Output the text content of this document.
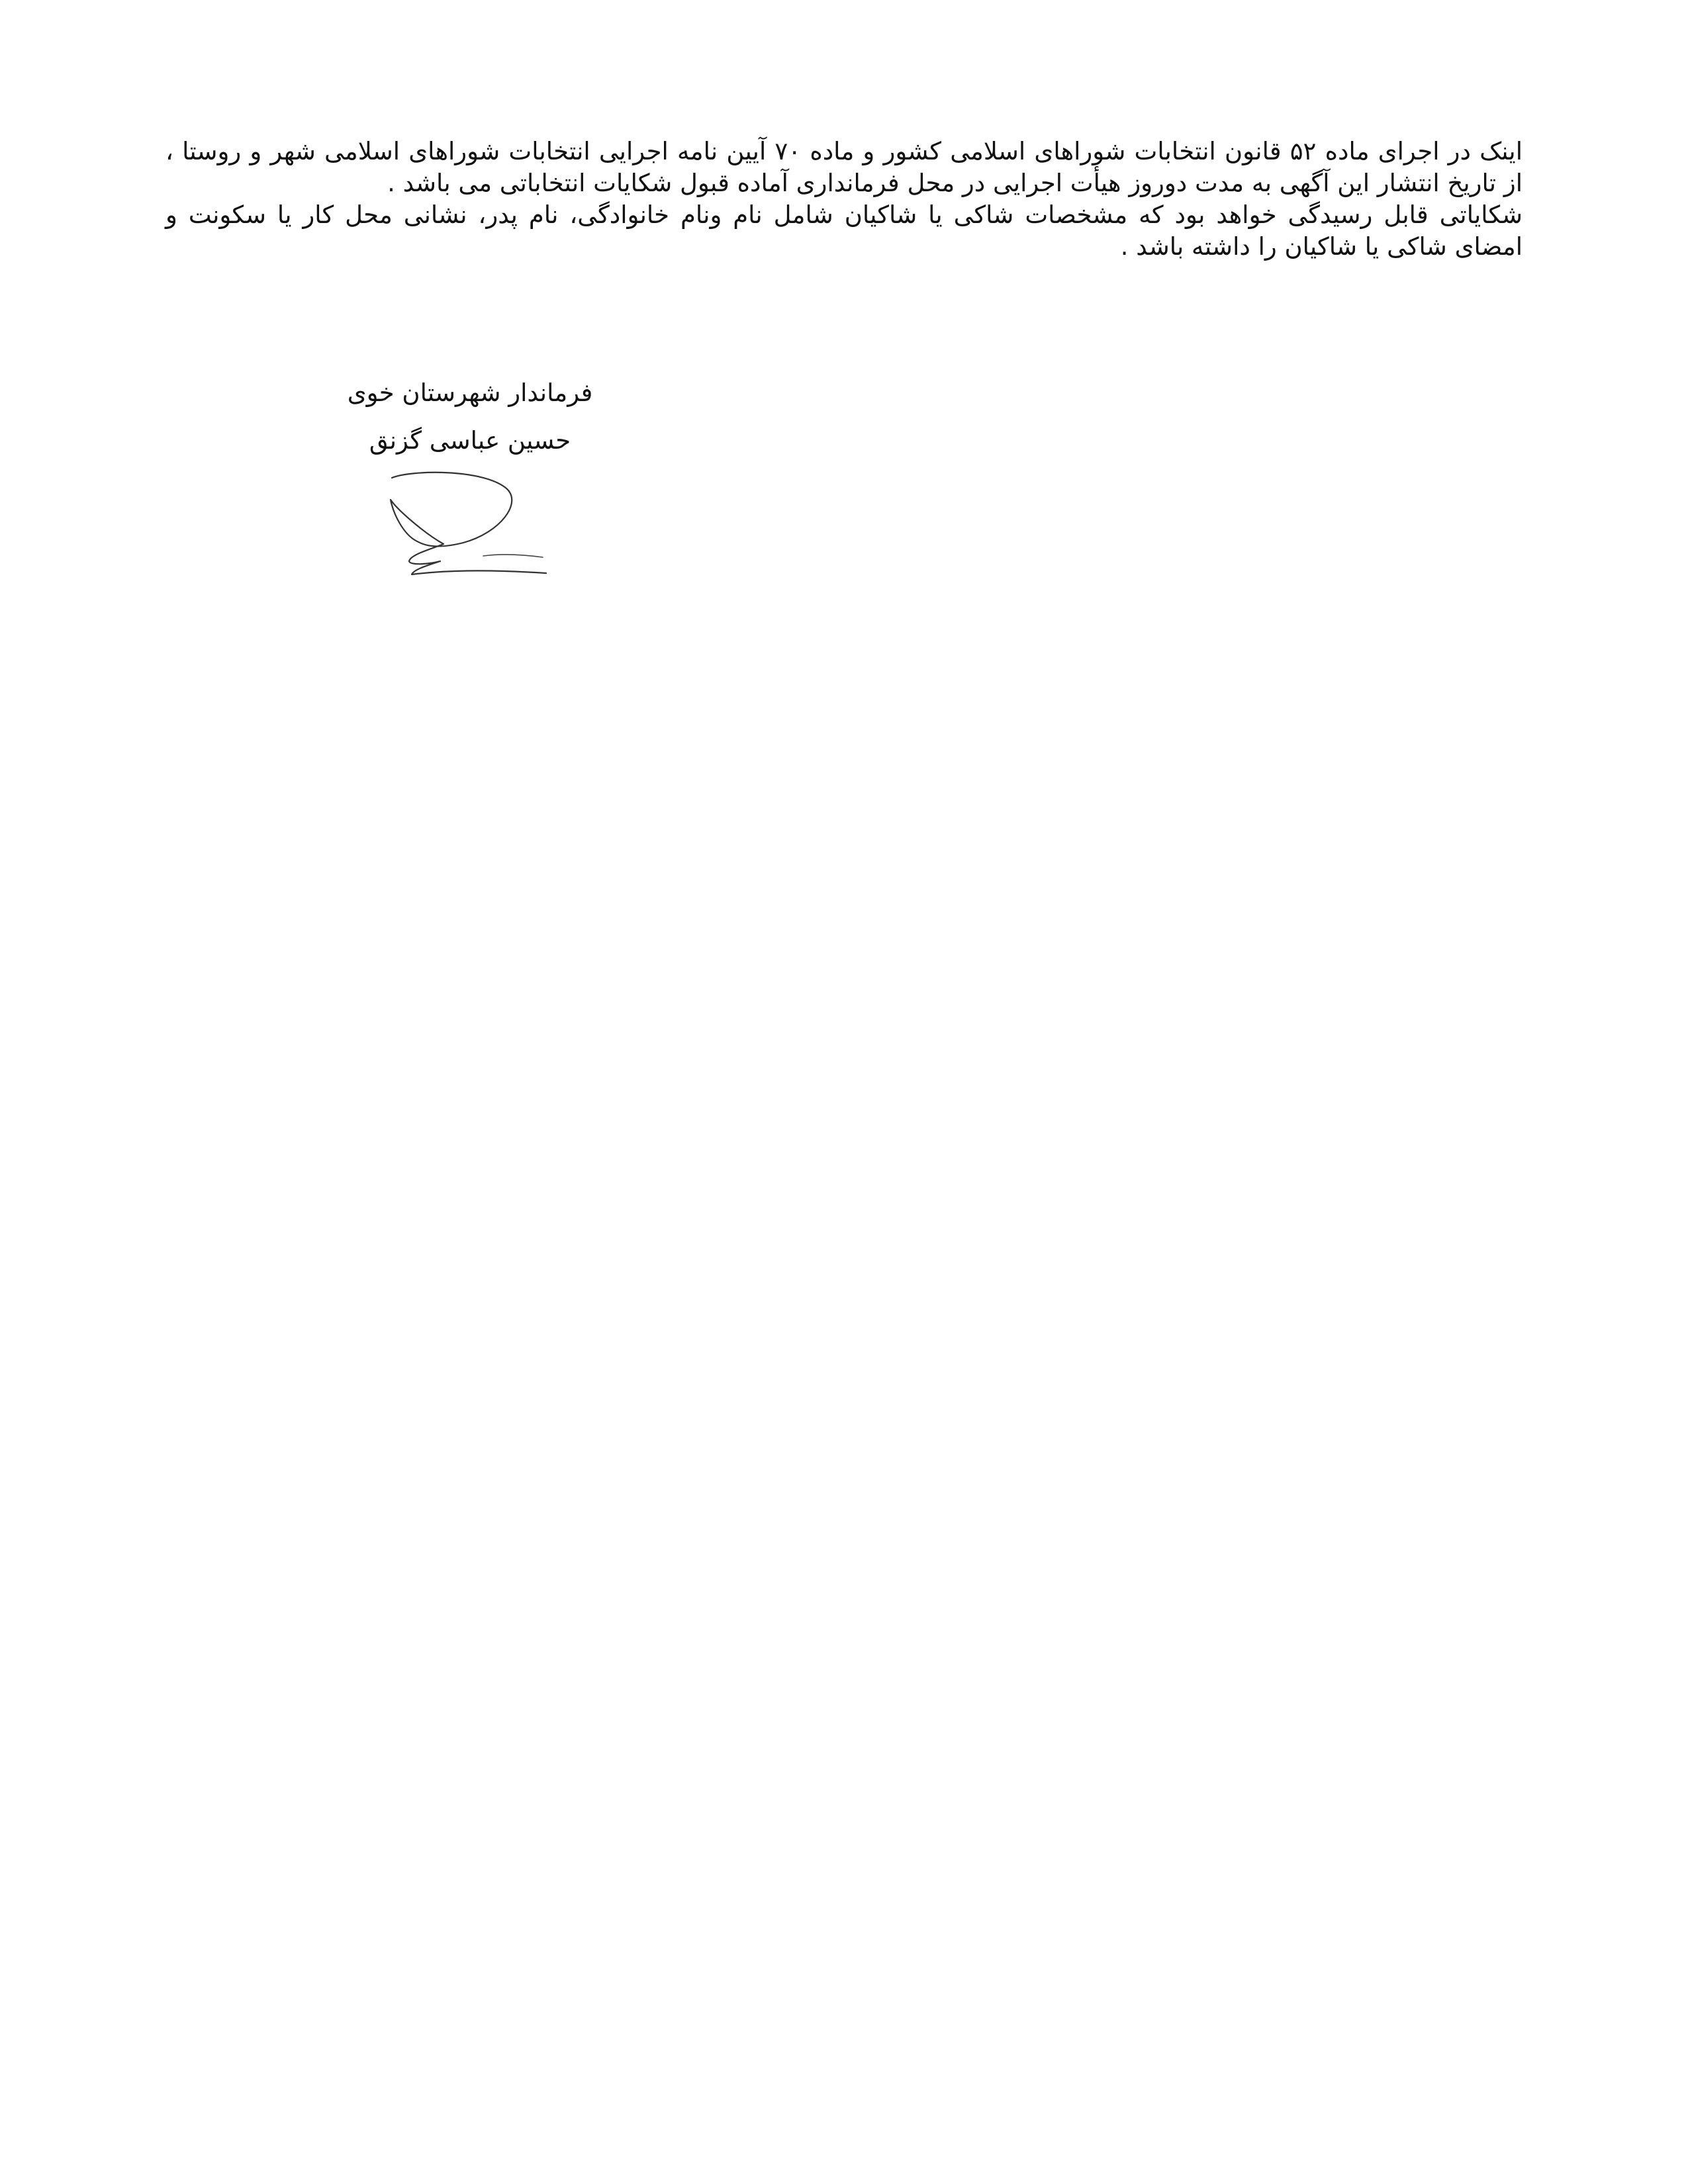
اینک در اجرای ماده ۵۲ قانون انتخابات شوراهای اسلامی کشور و ماده ۷۰ آیین نامه اجرایی انتخابات شوراهای اسلامی شهر و روستا ، از تاریخ انتشار این آگهی به مدت دوروز هیأت اجرایی در محل فرمانداری آماده قبول شکایات انتخاباتی می باشد .

شکایاتی قابل رسیدگی خواهد بود که مشخصات شاکی یا شاکیان شامل نام ونام خانوادگی، نام پدر، نشانی محل کار یا سکونت و امضای شاکی یا شاکیان را داشته باشد .

فرماندار شهرستان خوی
حسین عباسی گزنق
